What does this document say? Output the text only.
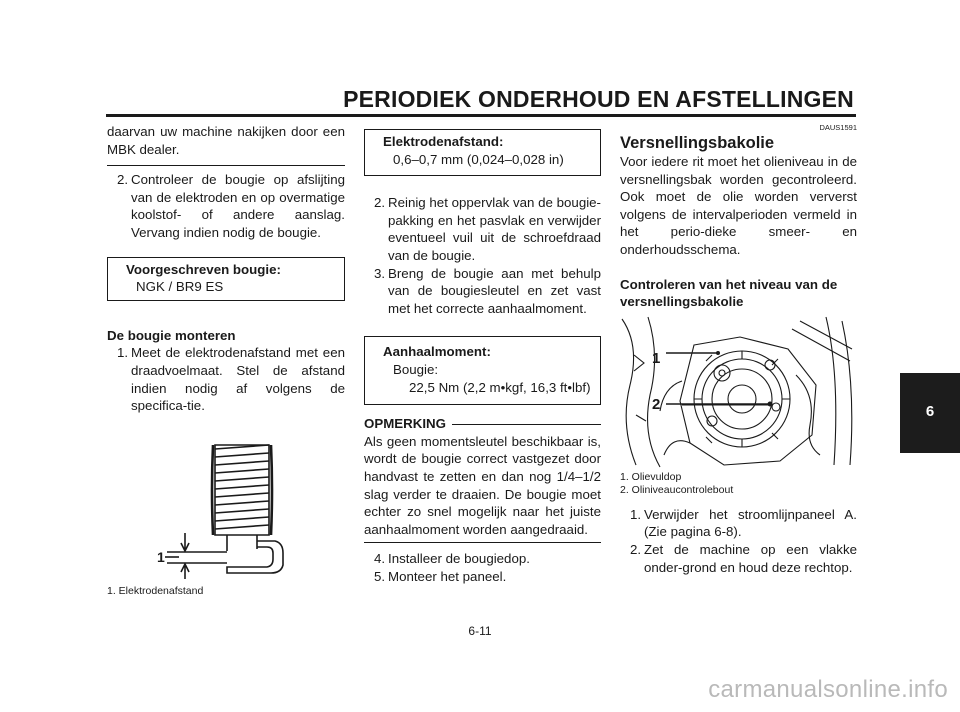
PERIODIEK ONDERHOUD EN AFSTELLINGEN
6

daarvan uw machine nakijken door een MBK dealer.

2. Controleer de bougie op afslijting van de elektroden en op overmatige koolstof- of andere aanslag. Vervang indien nodig de bougie.
Voorgeschreven bougie:
NGK / BR9 ES

De bougie monteren

1. Meet de elektrodenafstand met een draadvoelmaat. Stel de afstand indien nodig af volgens de specifica-tie.
1

1. Elektrodenafstand

Elektrodenafstand:
0,6–0,7 mm (0,024–0,028 in)
2. Reinig het oppervlak van de bougie-pakking en het pasvlak en verwijder eventueel vuil uit de schroefdraad van de bougie.
3. Breng de bougie aan met behulp van de bougiesleutel en zet vast met het correcte aanhaalmoment.
Aanhaalmoment:
Bougie:
22,5 Nm (2,2 m•kgf, 16,3 ft•lbf)
OPMERKING

Als geen momentsleutel beschikbaar is, wordt de bougie correct vastgezet door handvast te zetten en dan nog 1/4–1/2 slag verder te draaien. De bougie moet echter zo snel mogelijk naar het juiste aanhaalmoment worden aangedraaid.

4. Installeer de bougiedop.
5. Monteer het paneel.
DAUS1591
Versnellingsbakolie

Voor iedere rit moet het olieniveau in de versnellingsbak worden gecontroleerd. Ook moet de olie worden ververst volgens de intervalperioden vermeld in het perio-dieke smeer- en onderhoudsschema.

Controleren van het niveau van de versnellingsbakolie

1
2

1. Olievuldop

2. Oliniveaucontrolebout

1. Verwijder het stroomlijnpaneel A. (Zie pagina 6-8).
2. Zet de machine op een vlakke onder-grond en houd deze rechtop.
6-11
carmanualsonline.info
